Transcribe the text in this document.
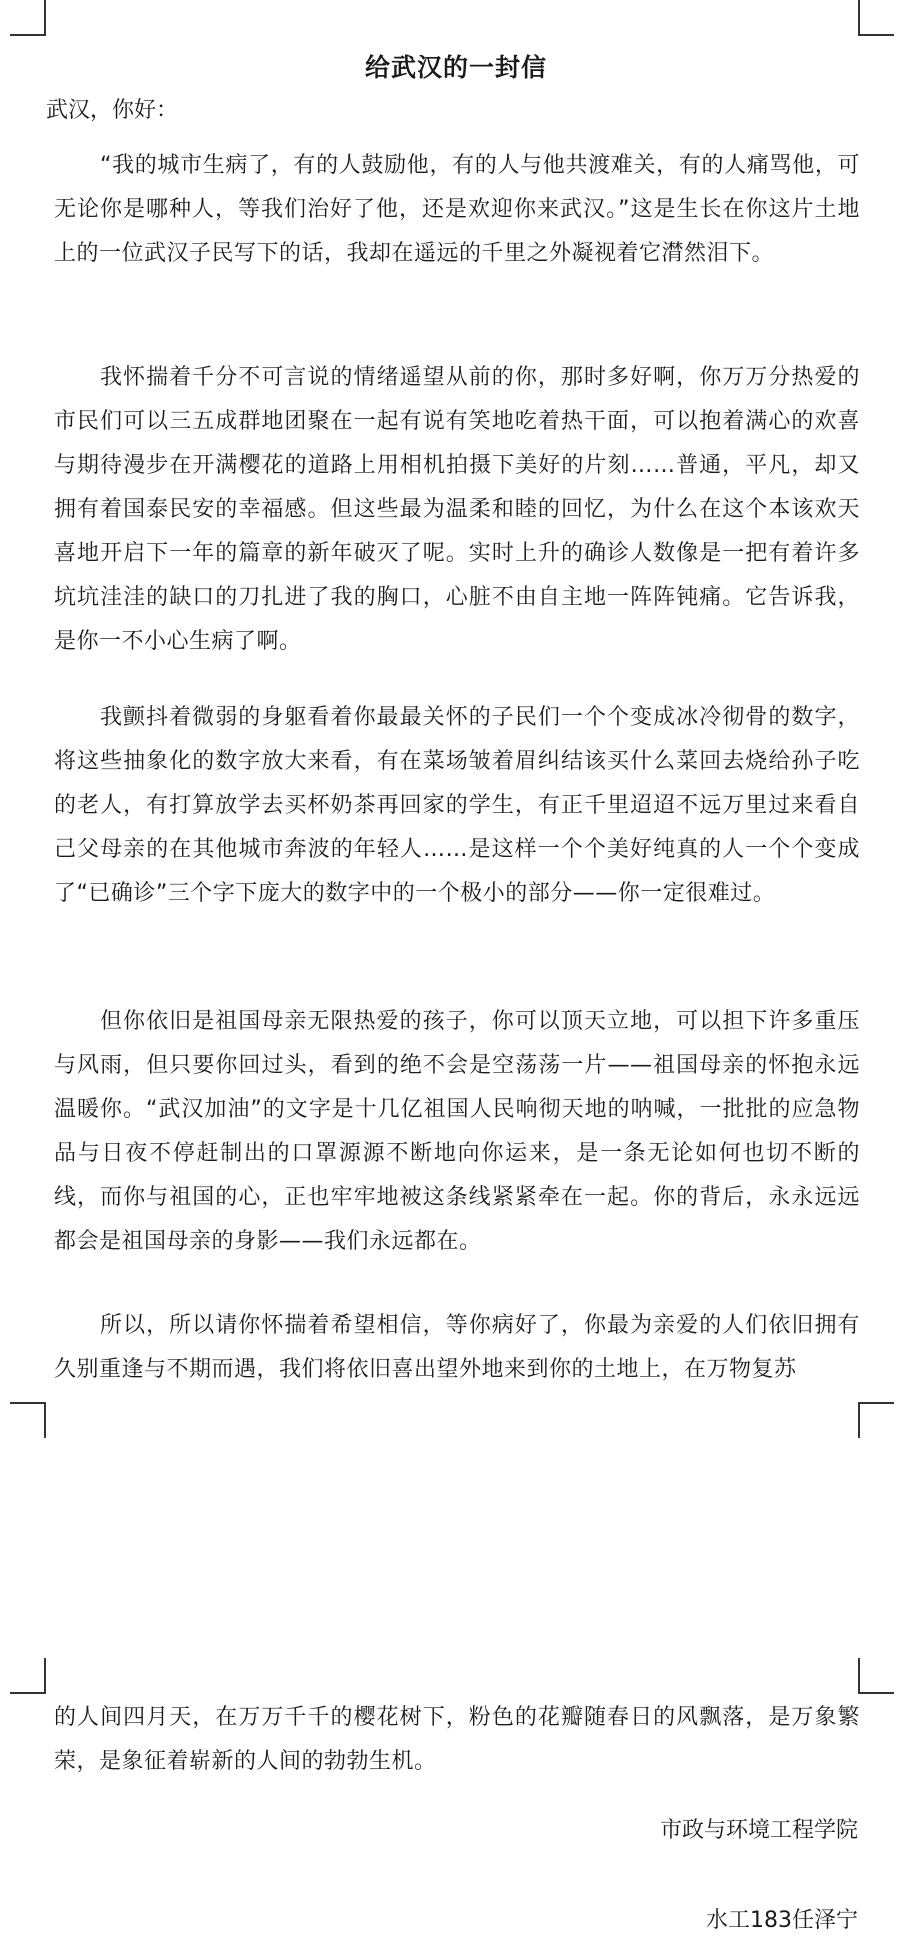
给武汉的一封信
武汉，你好：
“我的城市生病了，有的人鼓励他，有的人与他共渡难关，有的人痛骂他，可无论你是哪种人，等我们治好了他，还是欢迎你来武汉。”这是生长在你这片土地上的一位武汉子民写下的话，我却在遥远的千里之外凝视着它潸然泪下。
我怀揣着千分不可言说的情绪遥望从前的你，那时多好啊，你万万分热爱的市民们可以三五成群地团聚在一起有说有笑地吃着热干面，可以抱着满心的欢喜与期待漫步在开满樱花的道路上用相机拍摄下美好的片刻……普通，平凡，却又拥有着国泰民安的幸福感。但这些最为温柔和睦的回忆，为什么在这个本该欢天喜地开启下一年的篇章的新年破灭了呢。实时上升的确诊人数像是一把有着许多坑坑洼洼的缺口的刀扎进了我的胸口，心脏不由自主地一阵阵钝痛。它告诉我，是你一不小心生病了啊。
我颤抖着微弱的身躯看着你最最关怀的子民们一个个变成冰冷彻骨的数字，将这些抽象化的数字放大来看，有在菜场皱着眉纠结该买什么菜回去烧给孙子吃的老人，有打算放学去买杯奶茶再回家的学生，有正千里迢迢不远万里过来看自己父母亲的在其他城市奔波的年轻人……是这样一个个美好纯真的人一个个变成了“已确诊”三个字下庞大的数字中的一个极小的部分——你一定很难过。
但你依旧是祖国母亲无限热爱的孩子，你可以顶天立地，可以担下许多重压与风雨，但只要你回过头，看到的绝不会是空荡荡一片——祖国母亲的怀抱永远温暖你。“武汉加油”的文字是十几亿祖国人民响彻天地的呐喊，一批批的应急物品与日夜不停赶制出的口罩源源不断地向你运来，是一条无论如何也切不断的线，而你与祖国的心，正也牢牢地被这条线紧紧牵在一起。你的背后，永永远远都会是祖国母亲的身影——我们永远都在。
所以，所以请你怀揣着希望相信，等你病好了，你最为亲爱的人们依旧拥有久别重逢与不期而遇，我们将依旧喜出望外地来到你的土地上，在万物复苏
的人间四月天，在万万千千的樱花树下，粉色的花瓣随春日的风飘落，是万象繁荣，是象征着崭新的人间的勃勃生机。
市政与环境工程学院
水工183任泽宁
